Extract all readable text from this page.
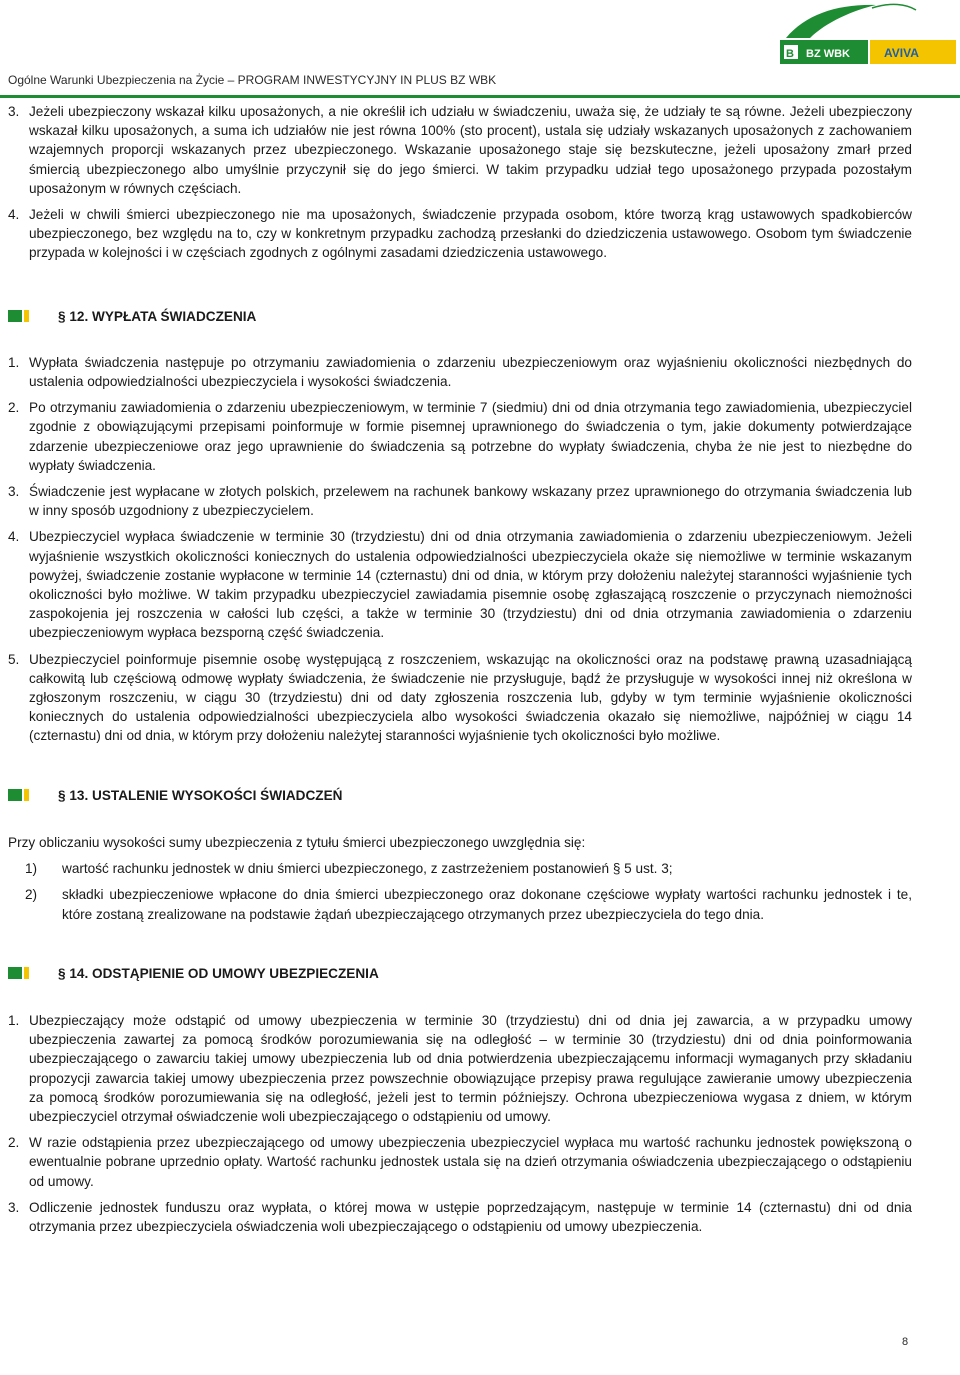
Ogólne Warunki Ubezpieczenia na Życie – PROGRAM INWESTYCYJNY IN PLUS BZ WBK
B BZ WBK	AVIVA
3. Jeżeli ubezpieczony wskazał kilku uposażonych, a nie określił ich udziału w świadczeniu, uważa się, że udziały te są równe. Jeżeli ubezpieczony wskazał kilku uposażonych, a suma ich udziałów nie jest równa 100% (sto procent), ustala się udziały wskazanych uposażonych z zachowaniem wzajemnych proporcji wskazanych przez ubezpieczonego. Wskazanie uposażonego staje się bezskuteczne, jeżeli uposażony zmarł przed śmiercią ubezpieczonego albo umyślnie przyczynił się do jego śmierci. W takim przypadku udział tego uposażonego przypada pozostałym uposażonym w równych częściach.
4. Jeżeli w chwili śmierci ubezpieczonego nie ma uposażonych, świadczenie przypada osobom, które tworzą krąg ustawowych spadkobierców ubezpieczonego, bez względu na to, czy w konkretnym przypadku zachodzą przesłanki do dziedziczenia ustawowego. Osobom tym świadczenie przypada w kolejności i w częściach zgodnych z ogólnymi zasadami dziedziczenia ustawowego.
§ 12. WYPŁATA ŚWIADCZENIA
1. Wypłata świadczenia następuje po otrzymaniu zawiadomienia o zdarzeniu ubezpieczeniowym oraz wyjaśnieniu okoliczności niezbędnych do ustalenia odpowiedzialności ubezpieczyciela i wysokości świadczenia.
2. Po otrzymaniu zawiadomienia o zdarzeniu ubezpieczeniowym, w terminie 7 (siedmiu) dni od dnia otrzymania tego zawiadomienia, ubezpieczyciel zgodnie z obowiązującymi przepisami poinformuje w formie pisemnej uprawnionego do świadczenia o tym, jakie dokumenty potwierdzające zdarzenie ubezpieczeniowe oraz jego uprawnienie do świadczenia są potrzebne do wypłaty świadczenia, chyba że nie jest to niezbędne do wypłaty świadczenia.
3. Świadczenie jest wypłacane w złotych polskich, przelewem na rachunek bankowy wskazany przez uprawnionego do otrzymania świadczenia lub w inny sposób uzgodniony z ubezpieczycielem.
4. Ubezpieczyciel wypłaca świadczenie w terminie 30 (trzydziestu) dni od dnia otrzymania zawiadomienia o zdarzeniu ubezpieczeniowym. Jeżeli wyjaśnienie wszystkich okoliczności koniecznych do ustalenia odpowiedzialności ubezpieczyciela okaże się niemożliwe w terminie wskazanym powyżej, świadczenie zostanie wypłacone w terminie 14 (czternastu) dni od dnia, w którym przy dołożeniu należytej staranności wyjaśnienie tych okoliczności było możliwe. W takim przypadku ubezpieczyciel zawiadamia pisemnie osobę zgłaszającą roszczenie o przyczynach niemożności zaspokojenia jej roszczenia w całości lub części, a także w terminie 30 (trzydziestu) dni od dnia otrzymania zawiadomienia o zdarzeniu ubezpieczeniowym wypłaca bezsporną część świadczenia.
5. Ubezpieczyciel poinformuje pisemnie osobę występującą z roszczeniem, wskazując na okoliczności oraz na podstawę prawną uzasadniającą całkowitą lub częściową odmowę wypłaty świadczenia, że świadczenie nie przysługuje, bądź że przysługuje w wysokości innej niż określona w zgłoszonym roszczeniu, w ciągu 30 (trzydziestu) dni od daty zgłoszenia roszczenia lub, gdyby w tym terminie wyjaśnienie okoliczności koniecznych do ustalenia odpowiedzialności ubezpieczyciela albo wysokości świadczenia okazało się niemożliwe, najpóźniej w ciągu 14 (czternastu) dni od dnia, w którym przy dołożeniu należytej staranności wyjaśnienie tych okoliczności było możliwe.
§ 13. USTALENIE WYSOKOŚCI ŚWIADCZEŃ
Przy obliczaniu wysokości sumy ubezpieczenia z tytułu śmierci ubezpieczonego uwzględnia się:
1)	wartość rachunku jednostek w dniu śmierci ubezpieczonego, z zastrzeżeniem postanowień § 5 ust. 3;
2)	składki ubezpieczeniowe wpłacone do dnia śmierci ubezpieczonego oraz dokonane częściowe wypłaty wartości rachunku jednostek i te, które zostaną zrealizowane na podstawie żądań ubezpieczającego otrzymanych przez ubezpieczyciela do tego dnia.
§ 14. ODSTĄPIENIE OD UMOWY UBEZPIECZENIA
1. Ubezpieczający może odstąpić od umowy ubezpieczenia w terminie 30 (trzydziestu) dni od dnia jej zawarcia, a w przypadku umowy ubezpieczenia zawartej za pomocą środków porozumiewania się na odległość – w terminie 30 (trzydziestu) dni od dnia poinformowania ubezpieczającego o zawarciu takiej umowy ubezpieczenia lub od dnia potwierdzenia ubezpieczającemu informacji wymaganych przy składaniu propozycji zawarcia takiej umowy ubezpieczenia przez powszechnie obowiązujące przepisy prawa regulujące zawieranie umowy ubezpieczenia za pomocą środków porozumiewania się na odległość, jeżeli jest to termin późniejszy. Ochrona ubezpieczeniowa wygasa z dniem, w którym ubezpieczyciel otrzymał oświadczenie woli ubezpieczającego o odstąpieniu od umowy.
2. W razie odstąpienia przez ubezpieczającego od umowy ubezpieczenia ubezpieczyciel wypłaca mu wartość rachunku jednostek powiększoną o ewentualnie pobrane uprzednio opłaty. Wartość rachunku jednostek ustala się na dzień otrzymania oświadczenia ubezpieczającego o odstąpieniu od umowy.
3. Odliczenie jednostek funduszu oraz wypłata, o której mowa w ustępie poprzedzającym, następuje w terminie 14 (czternastu) dni od dnia otrzymania przez ubezpieczyciela oświadczenia woli ubezpieczającego o odstąpieniu od umowy ubezpieczenia.
8
